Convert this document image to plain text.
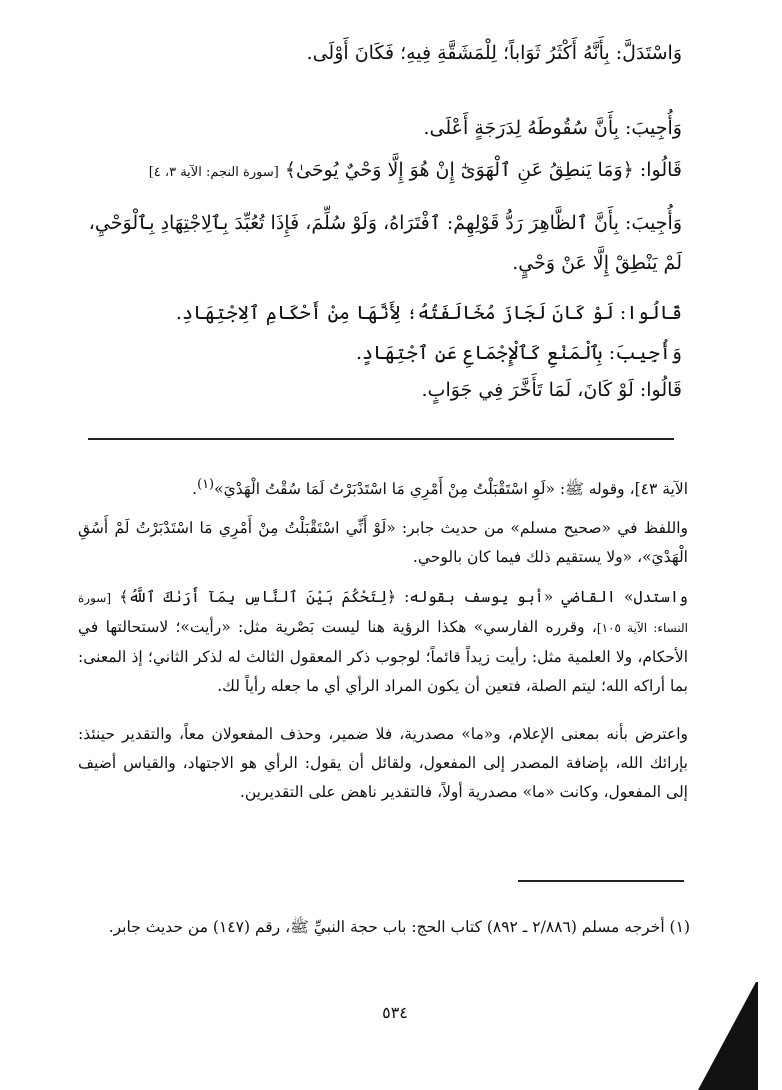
وَاسْتَدَلَّ: بِأَنَّهُ أَكْثَرُ ثَوَاباً؛ لِلْمَشَقَّةِ فِيهِ؛ فَكَانَ أَوْلَى.

وَأُجِيبَ: بِأَنَّ سُقُوطَهُ لِدَرَجَةٍ أَعْلَى.

قَالُوا: ﴿وَمَا يَنطِقُ عَنِ ٱلْهَوَىٰٓ إِنْ هُوَ إِلَّا وَحْيٌ يُوحَىٰ﴾ [سورة النجم: الآية ٣، ٤]

وَأُجِيبَ: بِأَنَّ ٱلظَّاهِرَ رَدُّ قَوْلِهِمْ: ٱفْتَرَاهُ، وَلَوْ سُلِّمَ، فَإِذَا تُعُبِّدَ بِٱلِاجْتِهَادِ بِٱلْوَحْيِ، لَمْ يَنْطِقْ إِلَّا عَنْ وَحْيٍ.

قَالُوا: لَوْ كَانَ لَجَازَ مُخَالَفَتُهُ؛ لِأَنَّهَا مِنْ أَحْكَامِ ٱلِاجْتِهَادِ.

وَأُجِيبَ: بِٱلْمَنْعِ كَٱلْإِجْمَاعِ عَنِ ٱجْتِهَادٍ.

قَالُوا: لَوْ كَانَ، لَمَا تَأَخَّرَ فِي جَوَابٍ.

الآية ٤٣]، وقوله ﷺ: «لَوِ اسْتَقْبَلْتُ مِنْ أَمْرِي مَا اسْتَدْبَرْتُ لَمَا سُقْتُ الْهَدْيَ»$^{(١)}$.

واللفظ في «صحيح مسلم» من حديث جابر: «لَوْ أَنِّي اسْتَقْبَلْتُ مِنْ أَمْرِي مَا اسْتَدْبَرْتُ لَمْ أَسُقِ الْهَدْيَ»، «ولا يستقيم ذلك فيما كان بالوحي.

واستدل» القاضي «أبو يوسف بقوله: ﴿لِتَحْكُمَ بَيْنَ ٱلنَّاسِ بِمَآ أَرَىٰكَ ٱللَّهُ﴾ [سورة النساء: الآية ١٠٥]، وقرره الفارسي» هكذا الرؤية هنا ليست بَصْرية مثل: «رأيت»؛ لاستحالتها في الأحكام، ولا العلمية مثل: رأيت زيداً قائماً؛ لوجوب ذكر المعقول الثالث له لذكر الثاني؛ إذ المعنى: بما أراكه الله؛ ليتم الصلة، فتعين أن يكون المراد الرأي أي ما جعله رأياً لك.

واعترض بأنه بمعنى الإعلام، و«ما» مصدرية، فلا ضمير، وحذف المفعولان معاً، والتقدير حينئذ: بإرائك الله، بإضافة المصدر إلى المفعول، ولقائل أن يقول: الرأي هو الاجتهاد، والقياس أضيف إلى المفعول، وكانت «ما» مصدرية أولاً، فالتقدير ناهض على التقديرين.

(١) أخرجه مسلم (٢/٨٨٦ ـ ٨٩٢) كتاب الحج: باب حجة النبيِّ ﷺ، رقم (١٤٧) من حديث جابر.

٥٣٤
